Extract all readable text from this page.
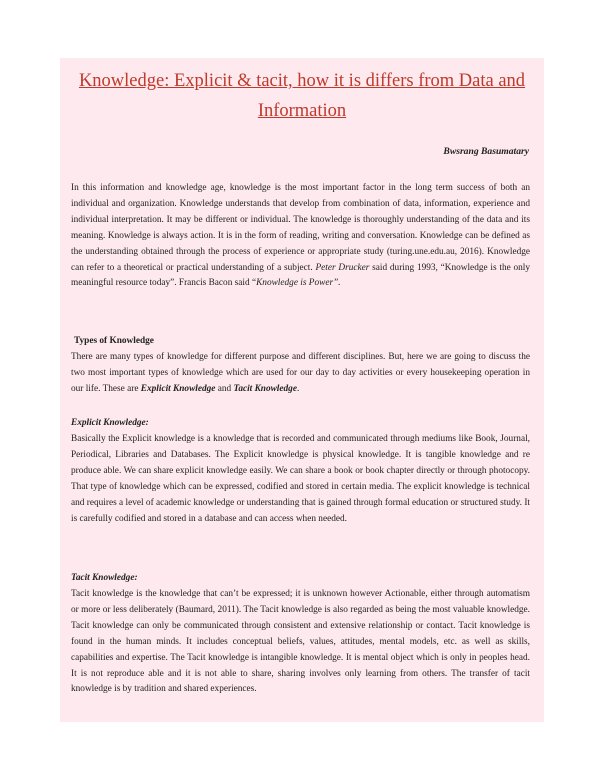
Knowledge: Explicit & tacit, how it is differs from Data and Information
Bwsrang Basumatary

In this information and knowledge age, knowledge is the most important factor in the long term success of both an individual and organization. Knowledge understands that develop from combination of data, information, experience and individual interpretation. It may be different or individual. The knowledge is thoroughly understanding of the data and its meaning. Knowledge is always action. It is in the form of reading, writing and conversation. Knowledge can be defined as the understanding obtained through the process of experience or appropriate study (turing.une.edu.au, 2016). Knowledge can refer to a theoretical or practical understanding of a subject. Peter Drucker said during 1993, “Knowledge is the only meaningful resource today”. Francis Bacon said “Knowledge is Power”.

Types of Knowledge

There are many types of knowledge for different purpose and different disciplines. But, here we are going to discuss the two most important types of knowledge which are used for our day to day activities or every housekeeping operation in our life. These are Explicit Knowledge and Tacit Knowledge.

Explicit Knowledge:

Basically the Explicit knowledge is a knowledge that is recorded and communicated through mediums like Book, Journal, Periodical, Libraries and Databases. The Explicit knowledge is physical knowledge. It is tangible knowledge and re produce able. We can share explicit knowledge easily. We can share a book or book chapter directly or through photocopy. That type of knowledge which can be expressed, codified and stored in certain media. The explicit knowledge is technical and requires a level of academic knowledge or understanding that is gained through formal education or structured study. It is carefully codified and stored in a database and can access when needed.

Tacit Knowledge:

Tacit knowledge is the knowledge that can’t be expressed; it is unknown however Actionable, either through automatism or more or less deliberately (Baumard, 2011). The Tacit knowledge is also regarded as being the most valuable knowledge. Tacit knowledge can only be communicated through consistent and extensive relationship or contact. Tacit knowledge is found in the human minds. It includes conceptual beliefs, values, attitudes, mental models, etc. as well as skills, capabilities and expertise. The Tacit knowledge is intangible knowledge. It is mental object which is only in peoples head. It is not reproduce able and it is not able to share, sharing involves only learning from others. The transfer of tacit knowledge is by tradition and shared experiences.
